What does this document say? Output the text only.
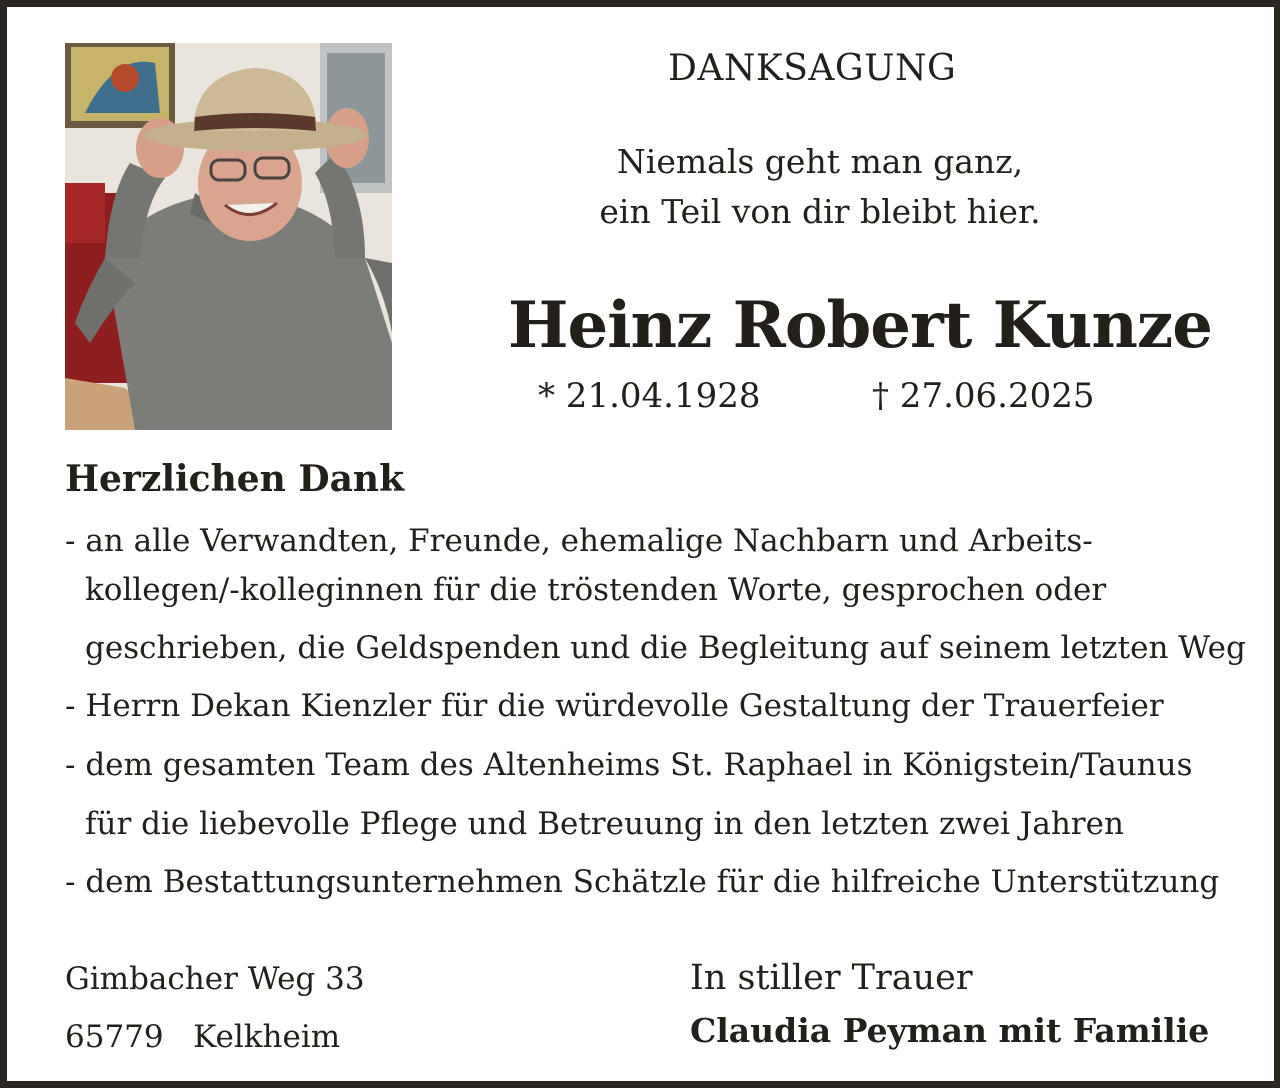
DANKSAGUNG
Niemals geht man ganz,
ein Teil von dir bleibt hier.
Heinz Robert Kunze
* 21.04.1928	† 27.06.2025
Herzlichen Dank
- an alle Verwandten, Freunde, ehemalige Nachbarn und Arbeits-
kollegen/-kolleginnen für die tröstenden Worte, gesprochen oder
geschrieben, die Geldspenden und die Begleitung auf seinem letzten Weg
- Herrn Dekan Kienzler für die würdevolle Gestaltung der Trauerfeier
- dem gesamten Team des Altenheims St. Raphael in Königstein/Taunus
für die liebevolle Pflege und Betreuung in den letzten zwei Jahren
- dem Bestattungsunternehmen Schätzle für die hilfreiche Unterstützung
Gimbacher Weg 33
65779   Kelkheim
In stiller Trauer
Claudia Peyman mit Familie
